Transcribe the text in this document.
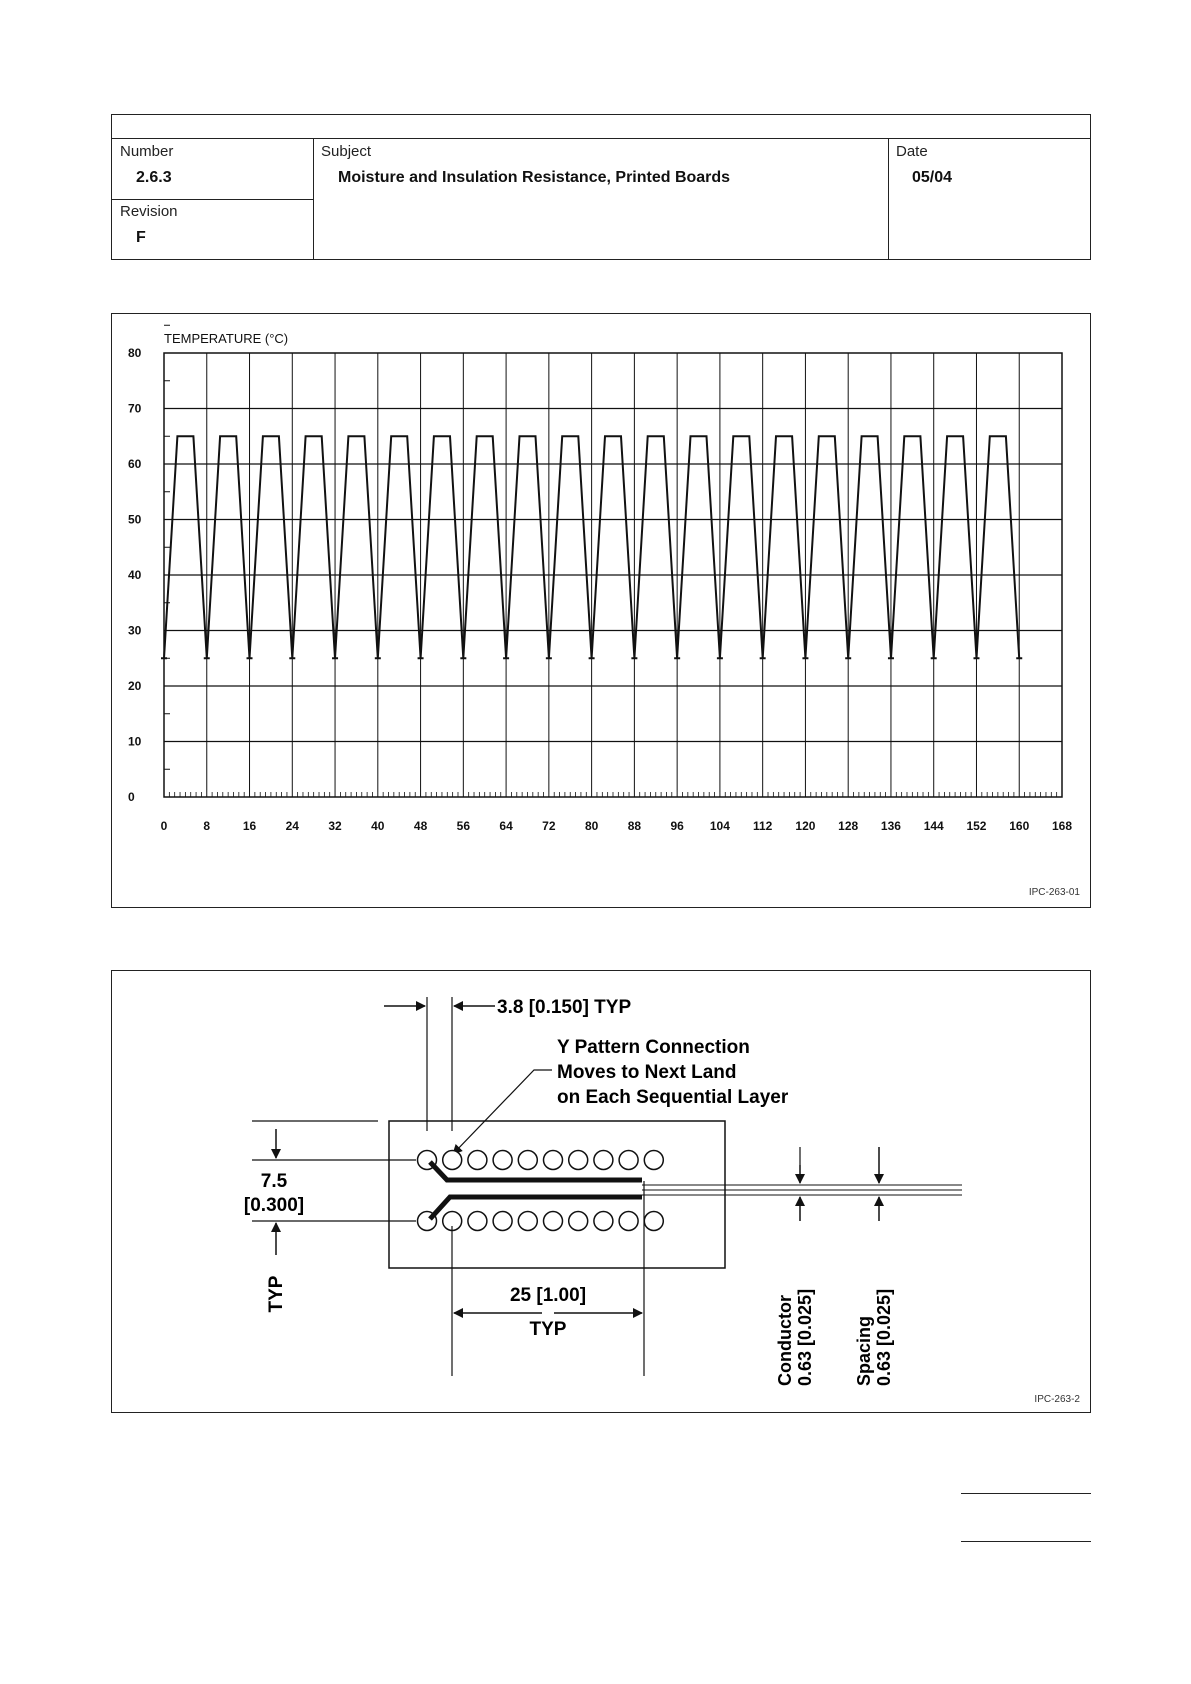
Number
2.6.3
Subject
Moisture and Insulation Resistance, Printed Boards
Date
05/04
Revision
F
TEMPERATURE (°C)
0	8	16 24 32 40 48 56 64 72 80 88 96 104 112 120 128 136 144 152 160 168
0
10
20
30
40
50
60
70
80
IPC-263-01
3.8 [0.150] TYP
Y Pattern Connection
Moves to Next Land
on Each Sequential Layer
7.5
[0.300]
TYP	25 [1.00]
TYP	Conductor 0.63 [0.025] Spacing 0.63 [0.025]
IPC-263-2
